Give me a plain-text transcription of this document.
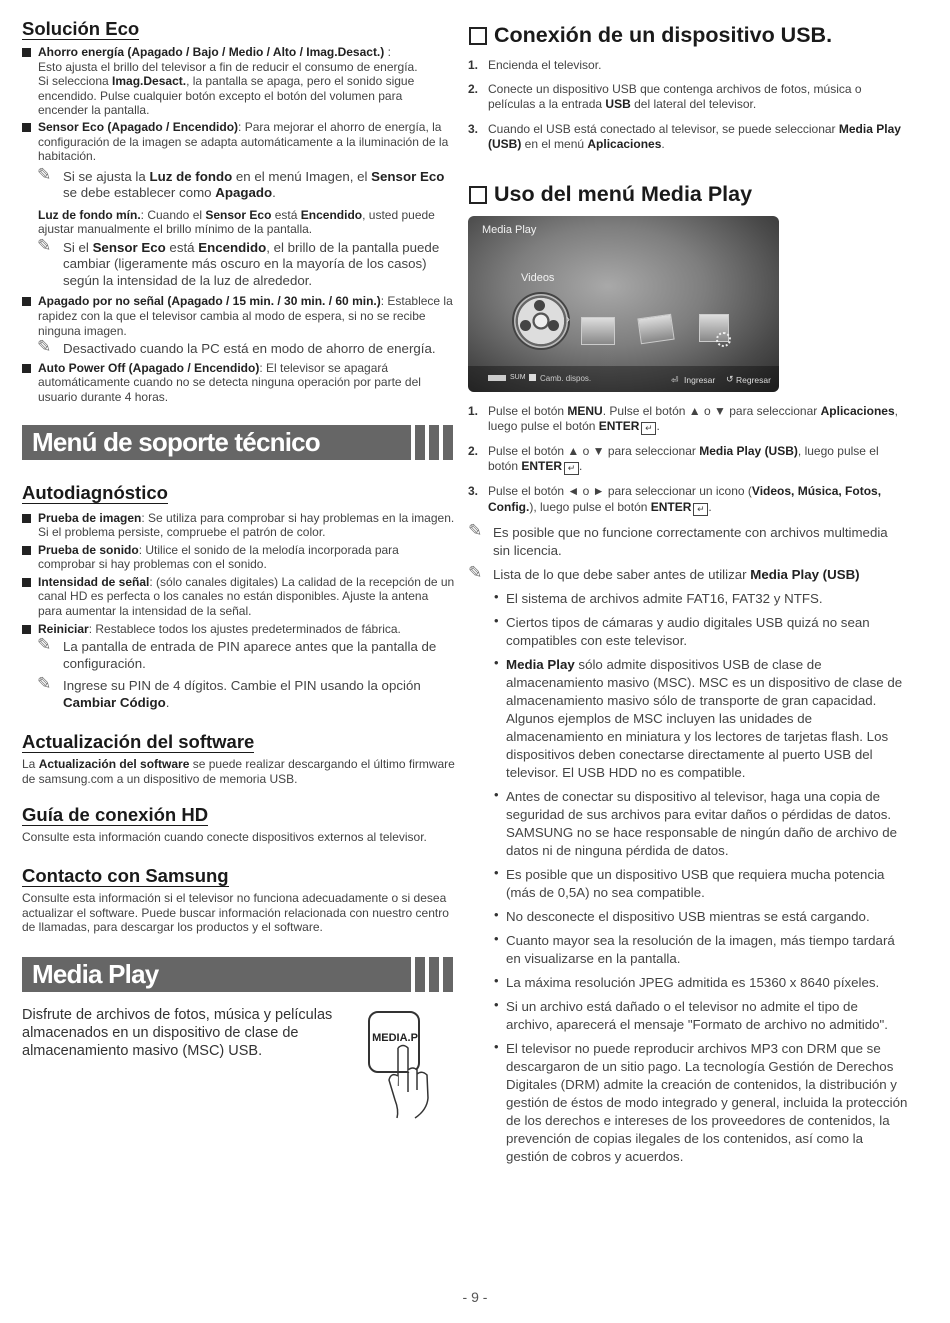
Solución Eco
Ahorro energía (Apagado / Bajo / Medio / Alto / Imag.Desact.) :
Esto ajusta el brillo del televisor a fin de reducir el consumo de energía.
Si selecciona Imag.Desact., la pantalla se apaga, pero el sonido sigue encendido. Pulse cualquier botón excepto el botón del volumen para encender la pantalla.
Sensor Eco (Apagado / Encendido): Para mejorar el ahorro de energía, la configuración de la imagen se adapta automáticamente a la iluminación de la habitación.
✎ Si se ajusta la Luz de fondo en el menú Imagen, el Sensor Eco se debe establecer como Apagado.
Luz de fondo mín.: Cuando el Sensor Eco está Encendido, usted puede ajustar manualmente el brillo mínimo de la pantalla.
✎ Si el Sensor Eco está Encendido, el brillo de la pantalla puede cambiar (ligeramente más oscuro en la mayoría de los casos) según la intensidad de la luz de alrededor.
Apagado por no señal (Apagado / 15 min. / 30 min. / 60 min.): Establece la rapidez con la que el televisor cambia al modo de espera, si no se recibe ninguna imagen.
✎ Desactivado cuando la PC está en modo de ahorro de energía.
Auto Power Off (Apagado / Encendido): El televisor se apagará automáticamente cuando no se detecta ninguna operación por parte del usuario durante 4 horas.
Menú de soporte técnico
Autodiagnóstico
Prueba de imagen: Se utiliza para comprobar si hay problemas en la imagen. Si el problema persiste, compruebe el patrón de color.
Prueba de sonido: Utilice el sonido de la melodía incorporada para comprobar si hay problemas con el sonido.
Intensidad de señal: (sólo canales digitales) La calidad de la recepción de un canal HD es perfecta o los canales no están disponibles. Ajuste la antena para aumentar la intensidad de la señal.
Reiniciar: Restablece todos los ajustes predeterminados de fábrica.
✎ La pantalla de entrada de PIN aparece antes que la pantalla de configuración.
✎ Ingrese su PIN de 4 dígitos. Cambie el PIN usando la opción Cambiar Código.
Actualización del software
La Actualización del software se puede realizar descargando el último firmware de samsung.com a un dispositivo de memoria USB.
Guía de conexión HD
Consulte esta información cuando conecte dispositivos externos al televisor.
Contacto con Samsung
Consulte esta información si el televisor no funciona adecuadamente o si desea actualizar el software. Puede buscar información relacionada con nuestro centro de llamadas, para descargar los productos y el software.
Media Play
Disfrute de archivos de fotos, música y películas almacenados en un dispositivo de clase de almacenamiento masivo (MSC) USB.
MEDIA.P
Conexión de un dispositivo USB.
1. Encienda el televisor.
2. Conecte un dispositivo USB que contenga archivos de fotos, música o películas a la entrada USB del lateral del televisor.
3. Cuando el USB está conectado al televisor, se puede seleccionar Media Play (USB) en el menú Aplicaciones.
Uso del menú Media Play
Media Play
Videos
›
SUM Camb. dispos.	⏎ Ingresar ↺ Regresar
1. Pulse el botón MENU. Pulse el botón ▲ o ▼ para seleccionar Aplicaciones, luego pulse el botón ENTER ↵ .
2. Pulse el botón ▲ o ▼ para seleccionar Media Play (USB), luego pulse el botón ENTER ↵ .
3. Pulse el botón ◄ o ► para seleccionar un icono (Videos, Música, Fotos, Config.), luego pulse el botón ENTER ↵ .
✎ Es posible que no funcione correctamente con archivos multimedia sin licencia.
✎ Lista de lo que debe saber antes de utilizar Media Play (USB)
• El sistema de archivos admite FAT16, FAT32 y NTFS.
• Ciertos tipos de cámaras y audio digitales USB quizá no sean compatibles con este televisor.
• Media Play sólo admite dispositivos USB de clase de almacenamiento masivo (MSC). MSC es un dispositivo de clase de almacenamiento masivo sólo de transporte de gran capacidad. Algunos ejemplos de MSC incluyen las unidades de almacenamiento en miniatura y los lectores de tarjetas flash. Los dispositivos deben conectarse directamente al puerto USB del televisor. El USB HDD no es compatible.
• Antes de conectar su dispositivo al televisor, haga una copia de seguridad de sus archivos para evitar daños o pérdidas de datos. SAMSUNG no se hace responsable de ningún daño de archivo de datos ni de ninguna pérdida de datos.
• Es posible que un dispositivo USB que requiera mucha potencia (más de 0,5A) no sea compatible.
• No desconecte el dispositivo USB mientras se está cargando.
• Cuanto mayor sea la resolución de la imagen, más tiempo tardará en visualizarse en la pantalla.
• La máxima resolución JPEG admitida es 15360 x 8640 píxeles.
• Si un archivo está dañado o el televisor no admite el tipo de archivo, aparecerá el mensaje "Formato de archivo no admitido".
• El televisor no puede reproducir archivos MP3 con DRM que se descargaron de un sitio pago. La tecnología Gestión de Derechos Digitales (DRM) admite la creación de contenidos, la distribución y gestión de éstos de modo integrado y general, incluida la protección de los derechos e intereses de los proveedores de contenidos, la prevención de copias ilegales de los contenidos, así como la gestión de cobros y acuerdos.
- 9 -
